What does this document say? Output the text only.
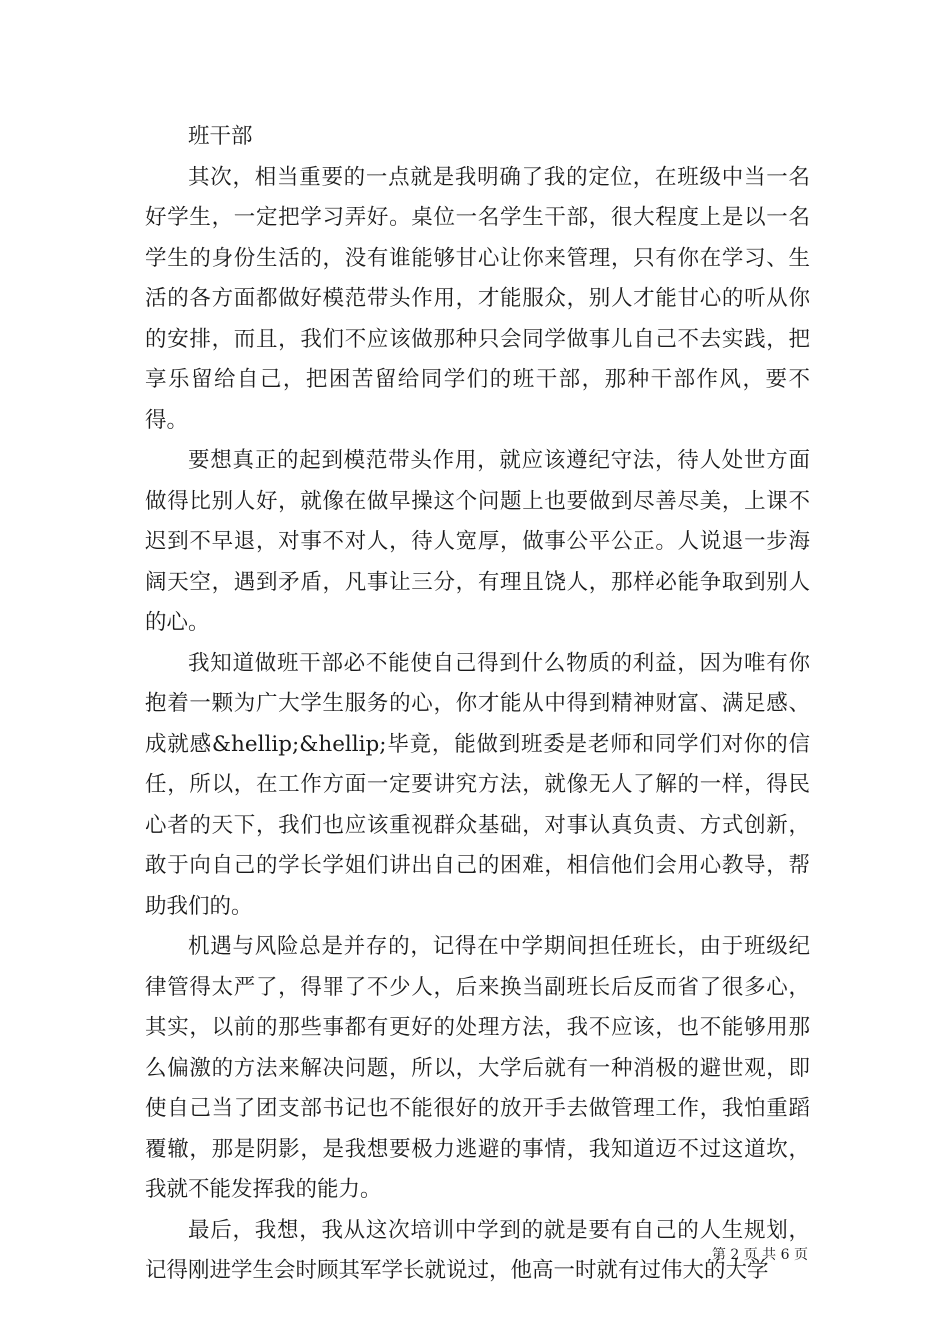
班干部

其次，相当重要的一点就是我明确了我的定位，在班级中当一名好学生，一定把学习弄好。桌位一名学生干部，很大程度上是以一名学生的身份生活的，没有谁能够甘心让你来管理，只有你在学习、生活的各方面都做好模范带头作用，才能服众，别人才能甘心的听从你的安排，而且，我们不应该做那种只会同学做事儿自己不去实践，把享乐留给自己，把困苦留给同学们的班干部，那种干部作风，要不得。

要想真正的起到模范带头作用，就应该遵纪守法，待人处世方面做得比别人好，就像在做早操这个问题上也要做到尽善尽美，上课不迟到不早退，对事不对人，待人宽厚，做事公平公正。人说退一步海阔天空，遇到矛盾，凡事让三分，有理且饶人，那样必能争取到别人的心。

我知道做班干部必不能使自己得到什么物质的利益，因为唯有你抱着一颗为广大学生服务的心，你才能从中得到精神财富、满足感、成就感&hellip;&hellip;毕竟，能做到班委是老师和同学们对你的信任，所以，在工作方面一定要讲究方法，就像无人了解的一样，得民心者的天下，我们也应该重视群众基础，对事认真负责、方式创新，敢于向自己的学长学姐们讲出自己的困难，相信他们会用心教导，帮助我们的。

机遇与风险总是并存的，记得在中学期间担任班长，由于班级纪律管得太严了，得罪了不少人，后来换当副班长后反而省了很多心，其实，以前的那些事都有更好的处理方法，我不应该，也不能够用那么偏激的方法来解决问题，所以，大学后就有一种消极的避世观，即使自己当了团支部书记也不能很好的放开手去做管理工作，我怕重蹈覆辙，那是阴影，是我想要极力逃避的事情，我知道迈不过这道坎，我就不能发挥我的能力。

最后，我想，我从这次培训中学到的就是要有自己的人生规划，记得刚进学生会时顾其军学长就说过，他高一时就有过伟大的大学

第 2 页 共 6 页
